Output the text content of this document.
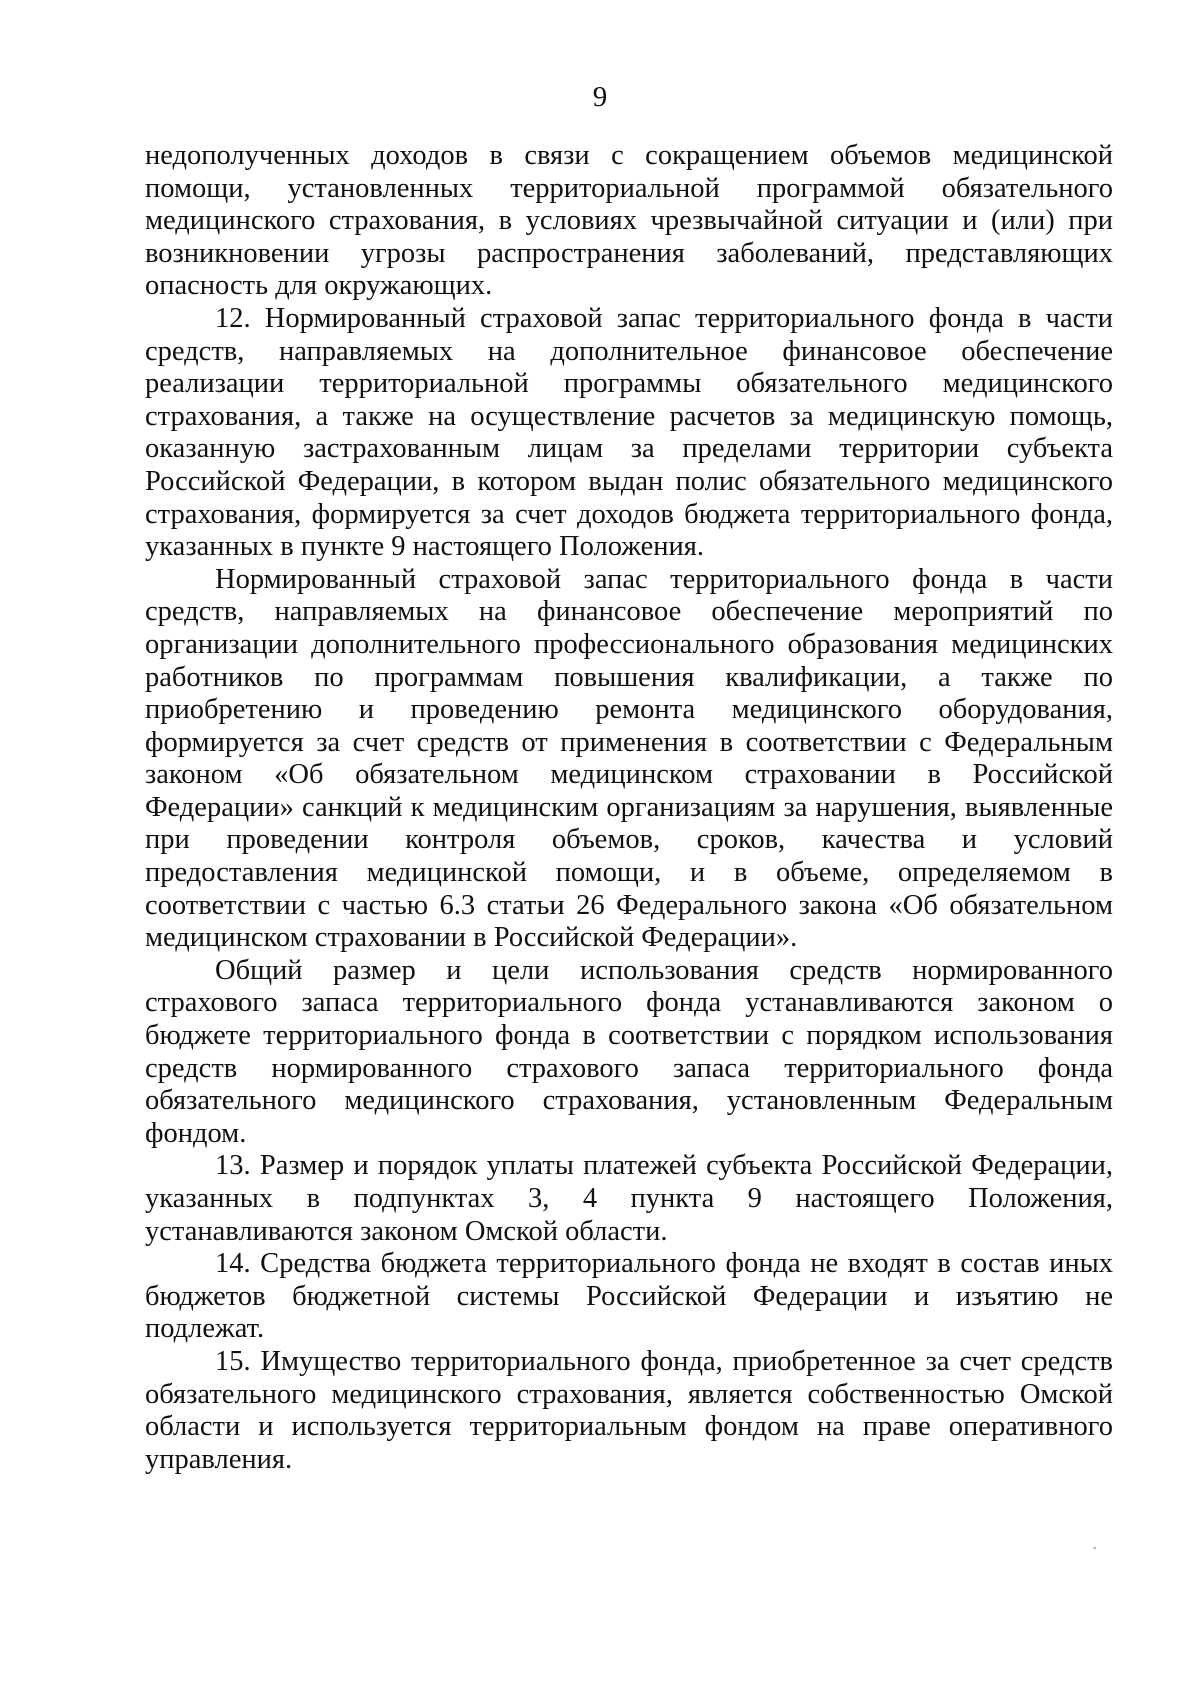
9
недополученных доходов в связи с сокращением объемов медицинской
помощи, установленных территориальной программой обязательного
медицинского страхования, в условиях чрезвычайной ситуации и (или) при
возникновении угрозы распространения заболеваний, представляющих
опасность для окружающих.
12. Нормированный страховой запас территориального фонда в части
средств, направляемых на дополнительное финансовое обеспечение
реализации территориальной программы обязательного медицинского
страхования, а также на осуществление расчетов за медицинскую помощь,
оказанную застрахованным лицам за пределами территории субъекта
Российской Федерации, в котором выдан полис обязательного медицинского
страхования, формируется за счет доходов бюджета территориального фонда,
указанных в пункте 9 настоящего Положения.
Нормированный страховой запас территориального фонда в части
средств, направляемых на финансовое обеспечение мероприятий по
организации дополнительного профессионального образования медицинских
работников по программам повышения квалификации, а также по
приобретению и проведению ремонта медицинского оборудования,
формируется за счет средств от применения в соответствии с Федеральным
законом «Об обязательном медицинском страховании в Российской
Федерации» санкций к медицинским организациям за нарушения, выявленные
при проведении контроля объемов, сроков, качества и условий
предоставления медицинской помощи, и в объеме, определяемом в
соответствии с частью 6.3 статьи 26 Федерального закона «Об обязательном
медицинском страховании в Российской Федерации».
Общий размер и цели использования средств нормированного
страхового запаса территориального фонда устанавливаются законом о
бюджете территориального фонда в соответствии с порядком использования
средств нормированного страхового запаса территориального фонда
обязательного медицинского страхования, установленным Федеральным
фондом.
13. Размер и порядок уплаты платежей субъекта Российской Федерации,
указанных в подпунктах 3, 4 пункта 9 настоящего Положения,
устанавливаются законом Омской области.
14. Средства бюджета территориального фонда не входят в состав иных
бюджетов бюджетной системы Российской Федерации и изъятию не
подлежат.
15. Имущество территориального фонда, приобретенное за счет средств
обязательного медицинского страхования, является собственностью Омской
области и используется территориальным фондом на праве оперативного
управления.
